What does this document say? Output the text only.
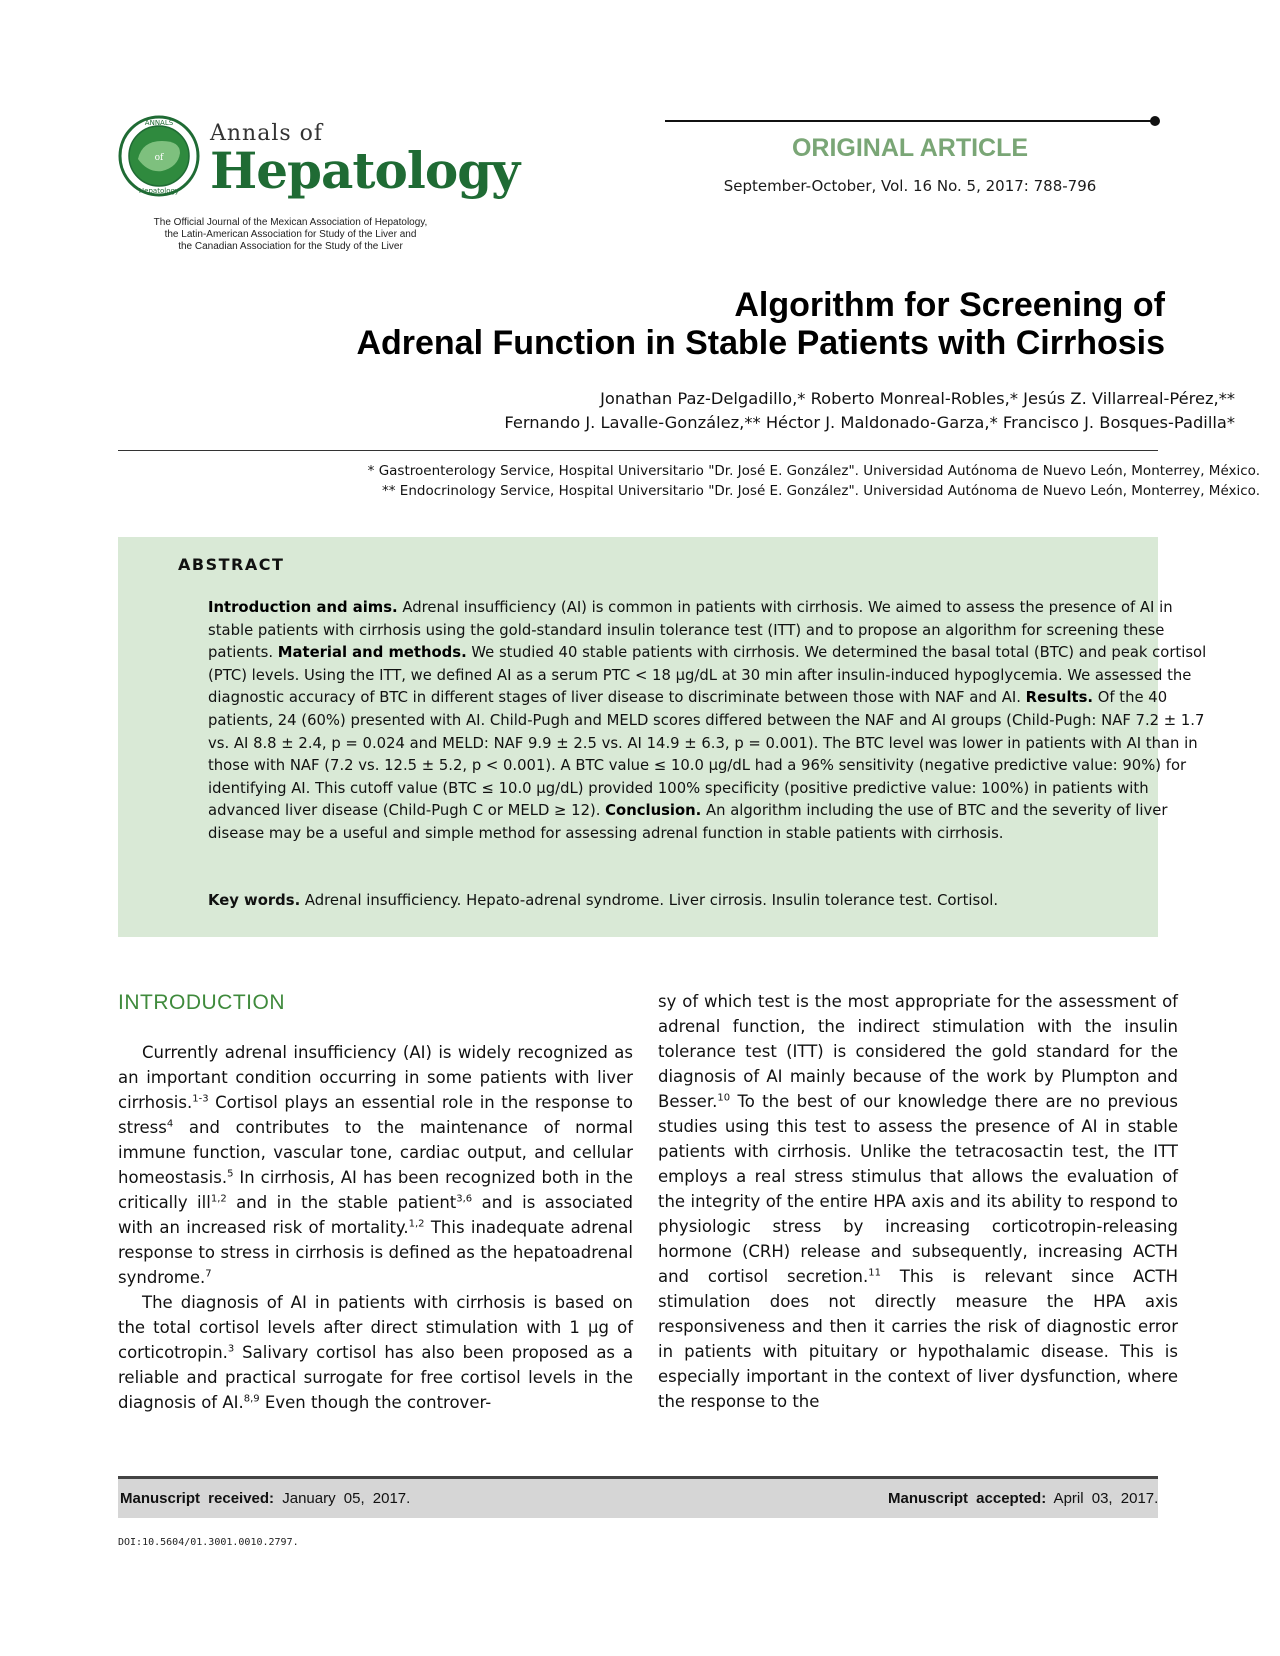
ANNALS
of
Hepatology
Annals of
Hepatology
The Official Journal of the Mexican Association of Hepatology,
the Latin-American Association for Study of the Liver and
the Canadian Association for the Study of the Liver
ORIGINAL ARTICLE
September-October, Vol. 16 No. 5, 2017: 788-796
Algorithm for Screening of
Adrenal Function in Stable Patients with Cirrhosis
Jonathan Paz-Delgadillo,* Roberto Monreal-Robles,* Jesús Z. Villarreal-Pérez,**
Fernando J. Lavalle-González,** Héctor J. Maldonado-Garza,* Francisco J. Bosques-Padilla*
* Gastroenterology Service, Hospital Universitario "Dr. José E. González". Universidad Autónoma de Nuevo León, Monterrey, México.
** Endocrinology Service, Hospital Universitario "Dr. José E. González". Universidad Autónoma de Nuevo León, Monterrey, México.
ABSTRACT
Introduction and aims. Adrenal insufficiency (AI) is common in patients with cirrhosis. We aimed to assess the presence of AI in stable patients with cirrhosis using the gold-standard insulin tolerance test (ITT) and to propose an algorithm for screening these patients. Material and methods. We studied 40 stable patients with cirrhosis. We determined the basal total (BTC) and peak cortisol (PTC) levels. Using the ITT, we defined AI as a serum PTC < 18 µg/dL at 30 min after insulin-induced hypoglycemia. We assessed the diagnostic accuracy of BTC in different stages of liver disease to discriminate between those with NAF and AI. Results. Of the 40 patients, 24 (60%) presented with AI. Child-Pugh and MELD scores differed between the NAF and AI groups (Child-Pugh: NAF 7.2 ± 1.7 vs. AI 8.8 ± 2.4, p = 0.024 and MELD: NAF 9.9 ± 2.5 vs. AI 14.9 ± 6.3, p = 0.001). The BTC level was lower in patients with AI than in those with NAF (7.2 vs. 12.5 ± 5.2, p < 0.001). A BTC value ≤ 10.0 µg/dL had a 96% sensitivity (negative predictive value: 90%) for identifying AI. This cutoff value (BTC ≤ 10.0 µg/dL) provided 100% specificity (positive predictive value: 100%) in patients with advanced liver disease (Child-Pugh C or MELD ≥ 12). Conclusion. An algorithm including the use of BTC and the severity of liver disease may be a useful and simple method for assessing adrenal function in stable patients with cirrhosis.
Key words. Adrenal insufficiency. Hepato-adrenal syndrome. Liver cirrosis. Insulin tolerance test. Cortisol.
INTRODUCTION

Currently adrenal insufficiency (AI) is widely recognized as an important condition occurring in some patients with liver cirrhosis.$^{1-3}$ Cortisol plays an essential role in the response to stress$^4$ and contributes to the maintenance of normal immune function, vascular tone, cardiac output, and cellular homeostasis.$^5$ In cirrhosis, AI has been recognized both in the critically ill$^{1,2}$ and in the stable patient$^{3,6}$ and is associated with an increased risk of mortality.$^{1,2}$ This inadequate adrenal response to stress in cirrhosis is defined as the hepatoadrenal syndrome.$^7$

The diagnosis of AI in patients with cirrhosis is based on the total cortisol levels after direct stimulation with 1 µg of corticotropin.$^3$ Salivary cortisol has also been proposed as a reliable and practical surrogate for free cortisol levels in the diagnosis of AI.$^{8,9}$ Even though the controver-

sy of which test is the most appropriate for the assessment of adrenal function, the indirect stimulation with the insulin tolerance test (ITT) is considered the gold standard for the diagnosis of AI mainly because of the work by Plumpton and Besser.$^{10}$ To the best of our knowledge there are no previous studies using this test to assess the presence of AI in stable patients with cirrhosis. Unlike the tetracosactin test, the ITT employs a real stress stimulus that allows the evaluation of the integrity of the entire HPA axis and its ability to respond to physiologic stress by increasing corticotropin-releasing hormone (CRH) release and subsequently, increasing ACTH and cortisol secretion.$^{11}$ This is relevant since ACTH stimulation does not directly measure the HPA axis responsiveness and then it carries the risk of diagnostic error in patients with pituitary or hypothalamic disease. This is especially important in the context of liver dysfunction, where the response to the

Manuscript received: January 05, 2017.	Manuscript accepted: April 03, 2017.
DOI:10.5604/01.3001.0010.2797.
